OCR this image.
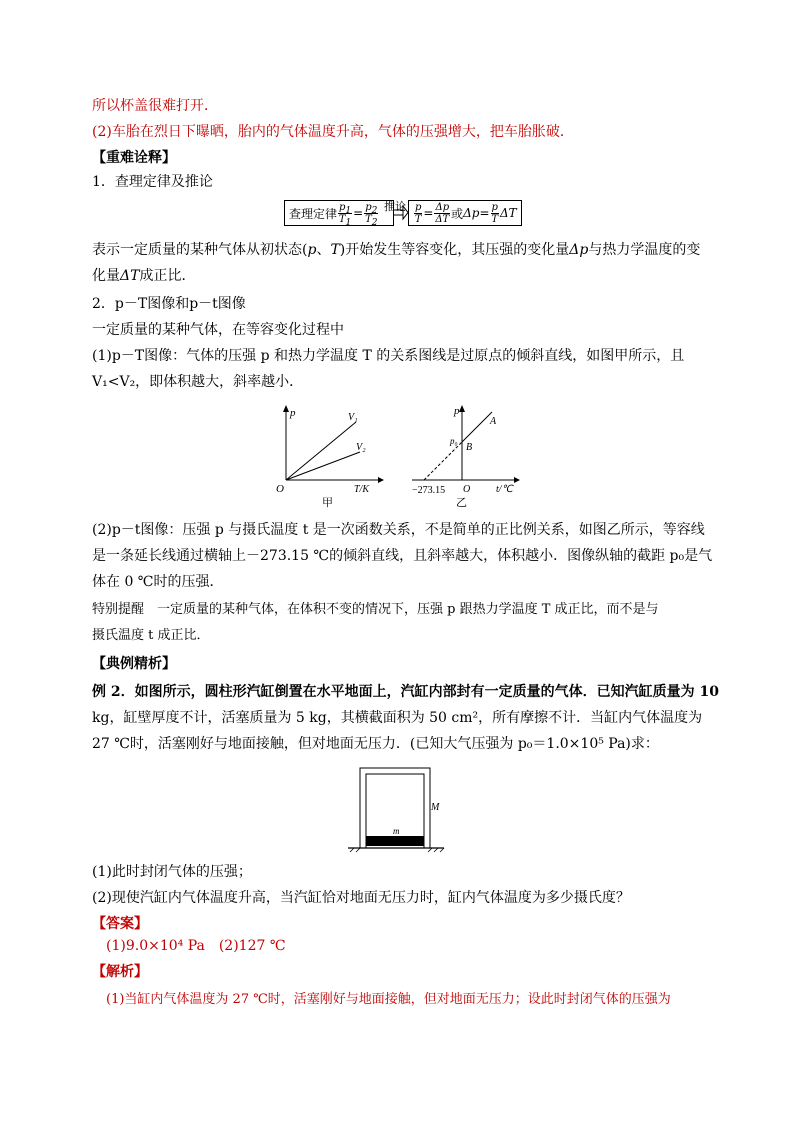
所以杯盖很难打开．
(2)车胎在烈日下曝晒，胎内的气体温度升高，气体的压强增大，把车胎胀破．
【重难诠释】
1．查理定律及推论
查理定律 $\frac{p_1}{T_1} = \frac{p_2}{T_2}$ 推论 $\frac{p}{T} = \frac{\Delta p}{\Delta T}$ 或 $\Delta p = \frac{p}{T}$ ΔT
表示一定质量的某种气体从初状态(p、T)开始发生等容变化，其压强的变化量Δp与热力学温度的变
化量ΔT成正比．
2．p－T图像和p－t图像
一定质量的某种气体，在等容变化过程中
(1)p－T图像：气体的压强 p 和热力学温度 T 的关系图线是过原点的倾斜直线，如图甲所示，且
V₁<V₂，即体积越大，斜率越小．
p	V₁
V₂
O	T/K
甲
p
p₀
B
A
−273.15 O	t/℃
乙
(2)p－t图像：压强 p 与摄氏温度 t 是一次函数关系，不是简单的正比例关系，如图乙所示，等容线
是一条延长线通过横轴上－273.15 ℃的倾斜直线，且斜率越大，体积越小．图像纵轴的截距 p₀是气
体在 0 ℃时的压强．
特别提醒　一定质量的某种气体，在体积不变的情况下，压强 p 跟热力学温度 T 成正比，而不是与
摄氏温度 t 成正比．
【典例精析】
例 2．如图所示，圆柱形汽缸倒置在水平地面上，汽缸内部封有一定质量的气体．已知汽缸质量为 10
kg，缸壁厚度不计，活塞质量为 5 kg，其横截面积为 50 cm²，所有摩擦不计．当缸内气体温度为
27 ℃时，活塞刚好与地面接触，但对地面无压力．(已知大气压强为 p₀＝1.0×10⁵ Pa)求：
M
m
(1)此时封闭气体的压强；
(2)现使汽缸内气体温度升高，当汽缸恰对地面无压力时，缸内气体温度为多少摄氏度？
【答案】
(1)9.0×10⁴ Pa　(2)127 ℃
【解析】
(1)当缸内气体温度为 27 ℃时，活塞刚好与地面接触，但对地面无压力；设此时封闭气体的压强为
